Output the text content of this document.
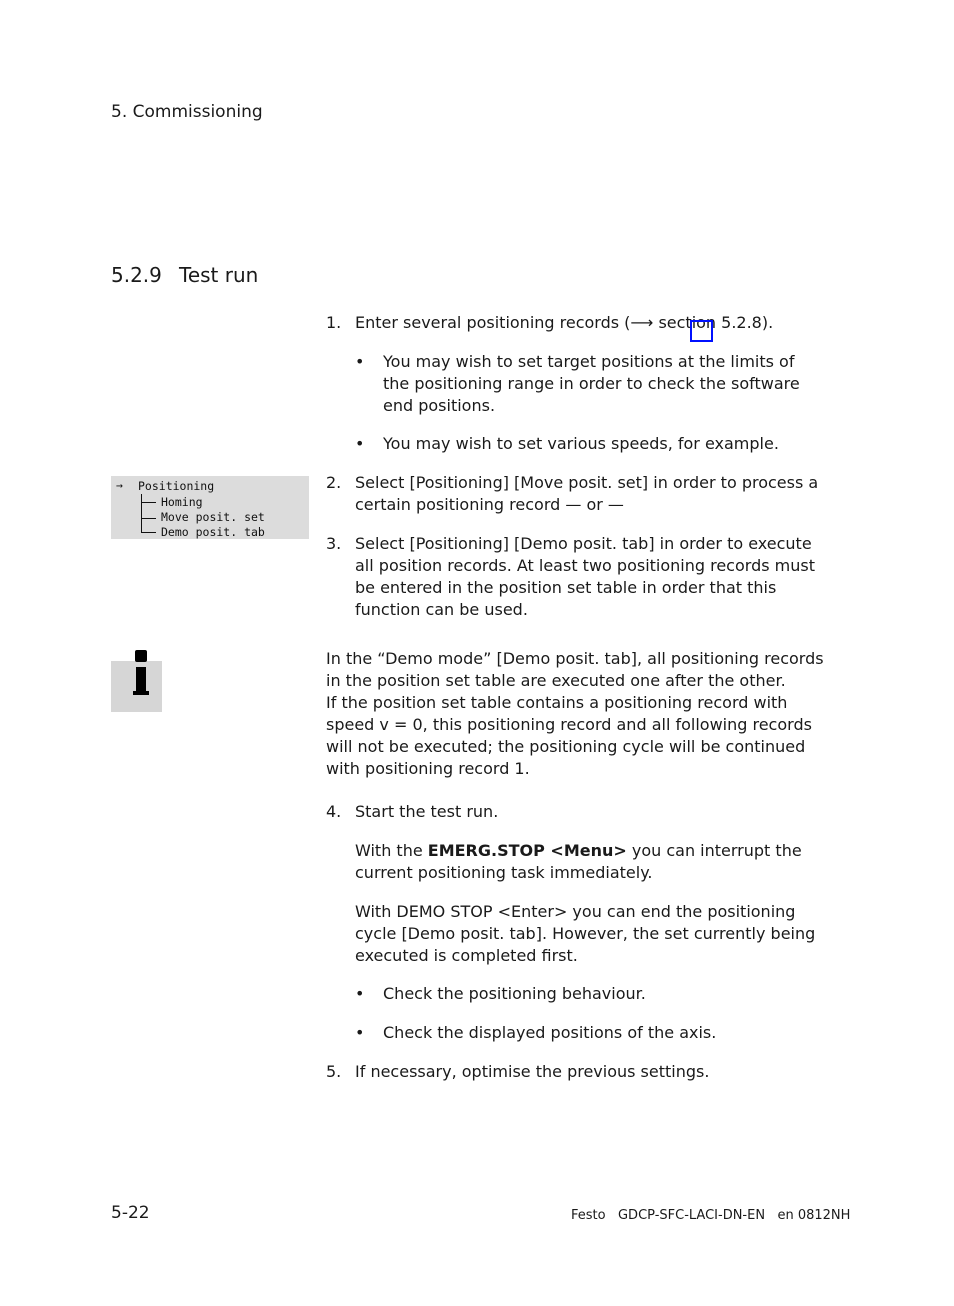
5. Commissioning
5.2.9 Test run
1. Enter several positioning records (⟶ section 5.2.8).
• You may wish to set target positions at the limits of
the positioning range in order to check the software
end positions.
• You may wish to set various speeds, for example.
→ Positioning
Homing
Move posit. set
Demo posit. tab
2. Select [Positioning] [Move posit. set] in order to process a
certain positioning record — or —
3. Select [Positioning] [Demo posit. tab] in order to execute
all position records. At least two positioning records must
be entered in the position set table in order that this
function can be used.
In the “Demo mode” [Demo posit. tab], all positioning records
in the position set table are executed one after the other.
If the position set table contains a positioning record with
speed v = 0, this positioning record and all following records
will not be executed; the positioning cycle will be continued
with positioning record 1.
4. Start the test run.
With the EMERG.STOP <Menu> you can interrupt the
current positioning task immediately.
With DEMO STOP <Enter> you can end the positioning
cycle [Demo posit. tab]. However, the set currently being
executed is completed first.
• Check the positioning behaviour.
• Check the displayed positions of the axis.
5. If necessary, optimise the previous settings.
5-22	Festo   GDCP-SFC-LACI-DN-EN   en 0812NH
